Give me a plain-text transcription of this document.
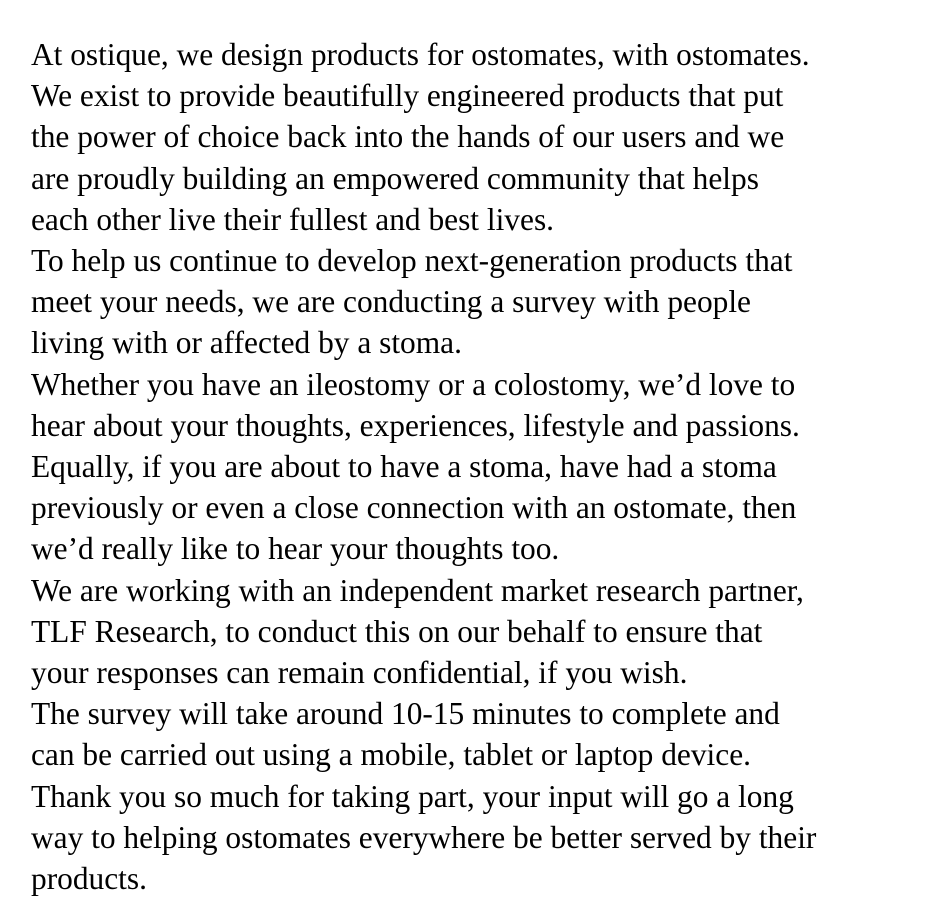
At ostique, we design products for ostomates, with ostomates.
We exist to provide beautifully engineered products that put
the power of choice back into the hands of our users and we
are proudly building an empowered community that helps
each other live their fullest and best lives.

To help us continue to develop next-generation products that
meet your needs, we are conducting a survey with people
living with or affected by a stoma.

Whether you have an ileostomy or a colostomy, we’d love to
hear about your thoughts, experiences, lifestyle and passions.

Equally, if you are about to have a stoma, have had a stoma
previously or even a close connection with an ostomate, then
we’d really like to hear your thoughts too.

We are working with an independent market research partner,
TLF Research, to conduct this on our behalf to ensure that
your responses can remain confidential, if you wish.

The survey will take around 10-15 minutes to complete and
can be carried out using a mobile, tablet or laptop device.

Thank you so much for taking part, your input will go a long
way to helping ostomates everywhere be better served by their
products.
